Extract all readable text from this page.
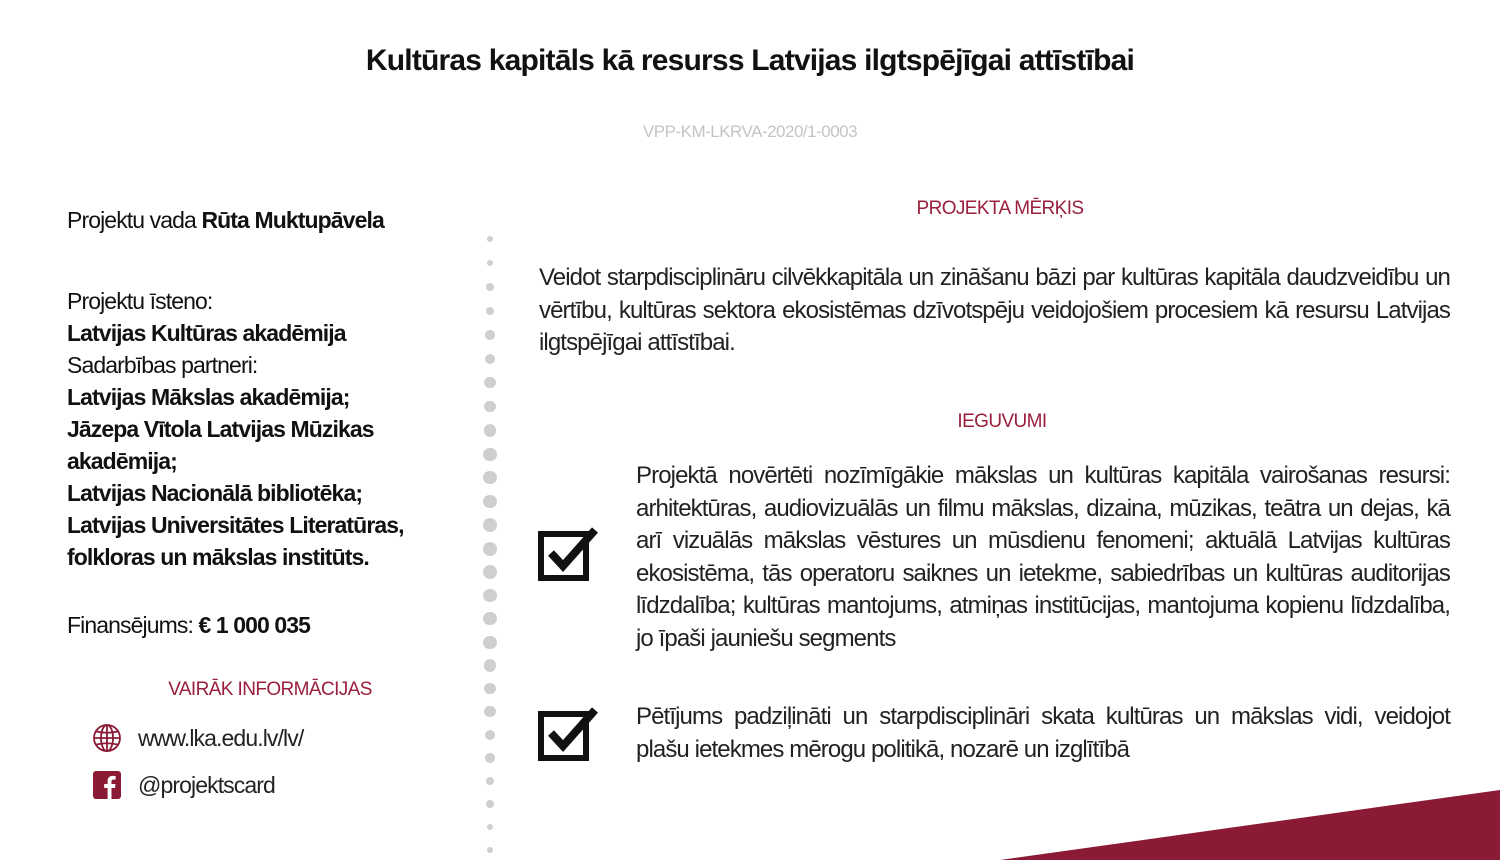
Kultūras kapitāls kā resurss Latvijas ilgtspējīgai attīstībai
VPP-KM-LKRVA-2020/1-0003
Projektu vada Rūta Muktupāvela
Projektu īsteno:
Latvijas Kultūras akadēmija
Sadarbības partneri:
Latvijas Mākslas akadēmija;
Jāzepa Vītola Latvijas Mūzikas akadēmija;
Latvijas Nacionālā bibliotēka;
Latvijas Universitātes Literatūras, folkloras un mākslas institūts.
Finansējums: € 1 000 035
VAIRĀK INFORMĀCIJAS
www.lka.edu.lv/lv/
@projektscard
PROJEKTA MĒRĶIS
Veidot starpdisciplināru cilvēkkapitāla un zināšanu bāzi par kultūras kapitāla daudzveidību un vērtību, kultūras sektora ekosistēmas dzīvotspēju veidojošiem procesiem kā resursu Latvijas ilgtspējīgai attīstībai.
IEGUVUMI
Projektā novērtēti nozīmīgākie mākslas un kultūras kapitāla vairošanas resursi: arhitektūras, audiovizuālās un filmu mākslas, dizaina, mūzikas, teātra un dejas, kā arī vizuālās mākslas vēstures un mūsdienu fenomeni; aktuālā Latvijas kultūras ekosistēma, tās operatoru saiknes un ietekme, sabiedrības un kultūras auditorijas līdzdalība; kultūras mantojums, atmiņas institūcijas, mantojuma kopienu līdzdalība, jo īpaši jauniešu segments
Pētījums padziļināti un starpdisciplināri skata kultūras un mākslas vidi, veidojot plašu ietekmes mērogu politikā, nozarē un izglītībā
